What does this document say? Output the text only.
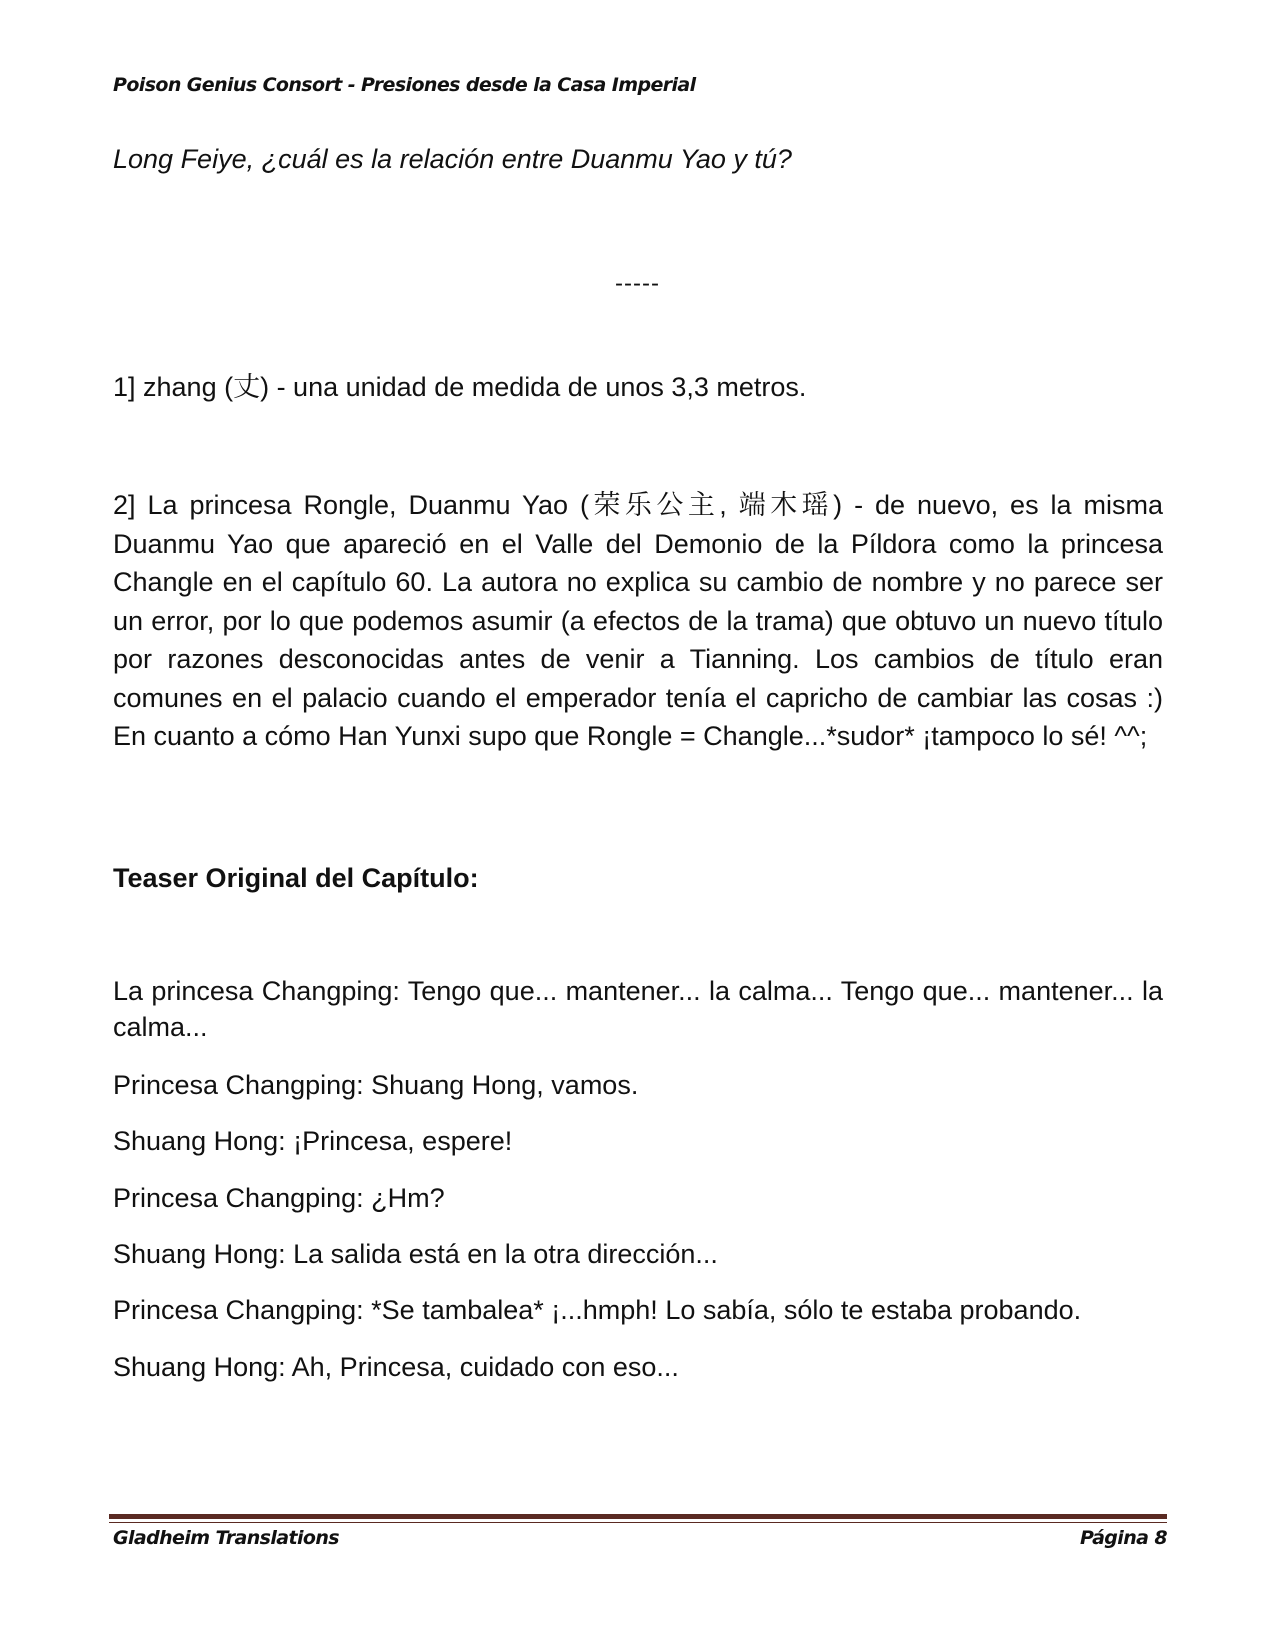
Poison Genius Consort - Presiones desde la Casa Imperial
Long Feiye, ¿cuál es la relación entre Duanmu Yao y tú?
-----
1] zhang (丈) - una unidad de medida de unos 3,3 metros.
2] La princesa Rongle, Duanmu Yao (荣乐公主, 端木瑶) - de nuevo, es la misma Duanmu Yao que apareció en el Valle del Demonio de la Píldora como la princesa Changle en el capítulo 60. La autora no explica su cambio de nombre y no parece ser un error, por lo que podemos asumir (a efectos de la trama) que obtuvo un nuevo título por razones desconocidas antes de venir a Tianning. Los cambios de título eran comunes en el palacio cuando el emperador tenía el capricho de cambiar las cosas :) En cuanto a cómo Han Yunxi supo que Rongle = Changle...*sudor* ¡tampoco lo sé! ^^;
Teaser Original del Capítulo:
La princesa Changping: Tengo que... mantener... la calma... Tengo que... mantener... la calma...
Princesa Changping: Shuang Hong, vamos.
Shuang Hong: ¡Princesa, espere!
Princesa Changping: ¿Hm?
Shuang Hong: La salida está en la otra dirección...
Princesa Changping: *Se tambalea* ¡...hmph! Lo sabía, sólo te estaba probando.
Shuang Hong: Ah, Princesa, cuidado con eso...
Gladheim Translations	Página 8
